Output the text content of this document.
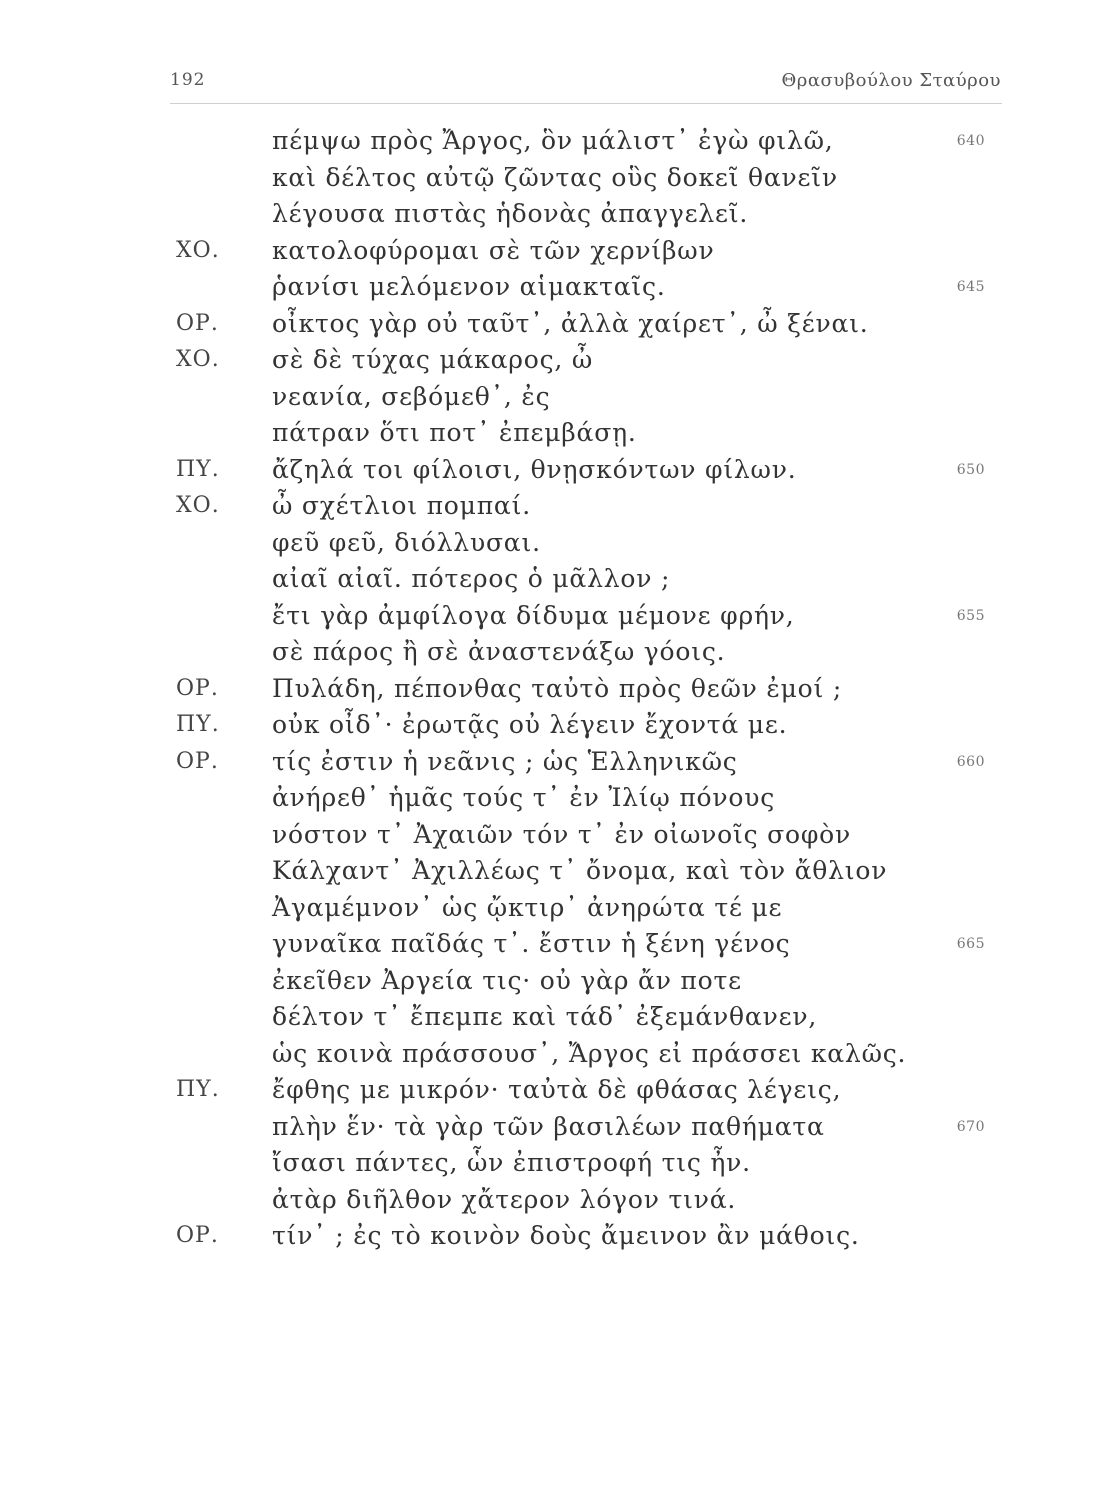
192	Θρασυβούλου Σταύρου
πέμψω πρὸς Ἄργος, ὃν μάλιστ᾽ ἐγὼ φιλῶ,	640
καὶ δέλτος αὐτῷ ζῶντας οὓς δοκεῖ θανεῖν
λέγουσα πιστὰς ἡδονὰς ἀπαγγελεῖ.
ΧΟ. κατολοφύρομαι σὲ τῶν χερνίβων
ῥανίσι μελόμενον αἱμακταῖς.	645
ΟΡ. οἶκτος γὰρ οὐ ταῦτ᾽, ἀλλὰ χαίρετ᾽, ὦ ξέναι.
ΧΟ. σὲ δὲ τύχας μάκαρος, ὦ
νεανία, σεβόμεθ᾽, ἐς
πάτραν ὅτι ποτ᾽ ἐπεμβάσῃ.
ΠΥ. ἄζηλά τοι φίλοισι, θνῃσκόντων φίλων.	650
ΧΟ. ὦ σχέτλιοι πομπαί.
φεῦ φεῦ, διόλλυσαι.
αἰαῖ αἰαῖ. πότερος ὁ μᾶλλον ;
ἔτι γὰρ ἀμφίλογα δίδυμα μέμονε φρήν,	655
σὲ πάρος ἢ σὲ ἀναστενάξω γόοις.
ΟΡ. Πυλάδη, πέπονθας ταὐτὸ πρὸς θεῶν ἐμοί ;
ΠΥ. οὐκ οἶδ᾽· ἐρωτᾷς οὐ λέγειν ἔχοντά με.
ΟΡ. τίς ἐστιν ἡ νεᾶνις ; ὡς Ἑλληνικῶς	660
ἀνήρεθ᾽ ἡμᾶς τούς τ᾽ ἐν Ἰλίῳ πόνους
νόστον τ᾽ Ἀχαιῶν τόν τ᾽ ἐν οἰωνοῖς σοφὸν
Κάλχαντ᾽ Ἀχιλλέως τ᾽ ὄνομα, καὶ τὸν ἄθλιον
Ἀγαμέμνον᾽ ὡς ᾤκτιρ᾽ ἀνηρώτα τέ με
γυναῖκα παῖδάς τ᾽. ἔστιν ἡ ξένη γένος	665
ἐκεῖθεν Ἀργεία τις· οὐ γὰρ ἄν ποτε
δέλτον τ᾽ ἔπεμπε καὶ τάδ᾽ ἐξεμάνθανεν,
ὡς κοινὰ πράσσουσ᾽, Ἄργος εἰ πράσσει καλῶς.
ΠΥ. ἔφθης με μικρόν· ταὐτὰ δὲ φθάσας λέγεις,
πλὴν ἕν· τὰ γὰρ τῶν βασιλέων παθήματα	670
ἴσασι πάντες, ὧν ἐπιστροφή τις ἦν.
ἀτὰρ διῆλθον χἄτερον λόγον τινά.
ΟΡ. τίν᾽ ; ἐς τὸ κοινὸν δοὺς ἄμεινον ἂν μάθοις.
